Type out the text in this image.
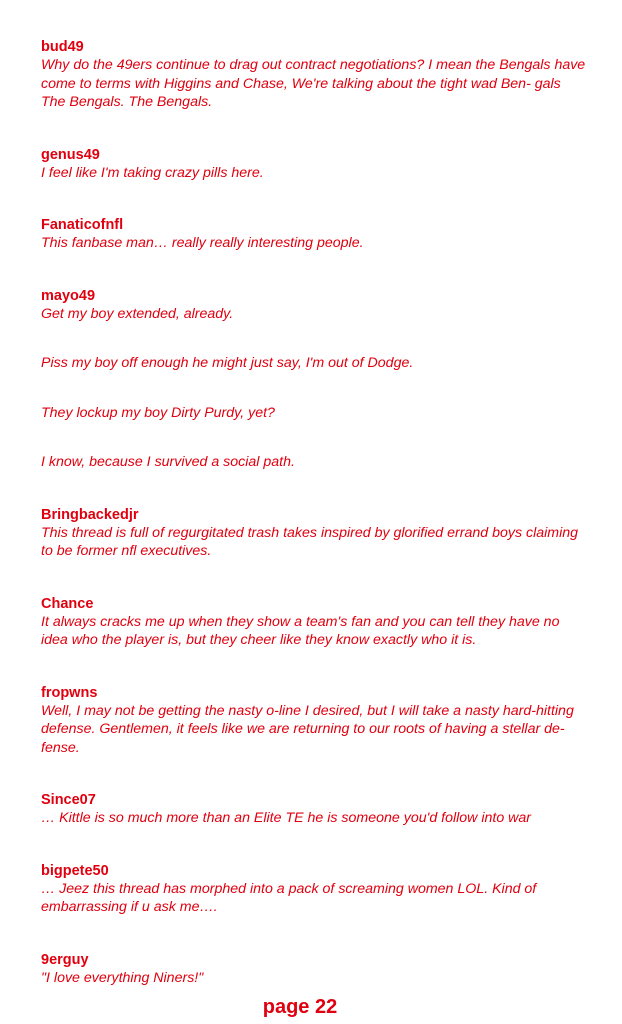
bud49

Why do the 49ers continue to drag out contract negotiations? I mean the Bengals have come to terms with Higgins and Chase, We're talking about the tight wad Ben- gals The Bengals. The Bengals.

genus49

I feel like I'm taking crazy pills here.

Fanaticofnfl

This fanbase man… really really interesting people.

mayo49

Get my boy extended, already.

Piss my boy off enough he might just say, I'm out of Dodge.

They lockup my boy Dirty Purdy, yet?

I know, because I survived a social path.

Bringbackedjr

This thread is full of regurgitated trash takes inspired by glorified errand boys claiming to be former nfl executives.

Chance

It always cracks me up when they show a team's fan and you can tell they have no idea who the player is, but they cheer like they know exactly who it is.

fropwns

Well, I may not be getting the nasty o-line I desired, but I will take a nasty hard-hitting defense. Gentlemen, it feels like we are returning to our roots of having a stellar de- fense.

Since07

… Kittle is so much more than an Elite TE he is someone you'd follow into war

bigpete50

… Jeez this thread has morphed into a pack of screaming women LOL. Kind of embarrassing if u ask me….

9erguy

"I love everything Niners!"

page 22
